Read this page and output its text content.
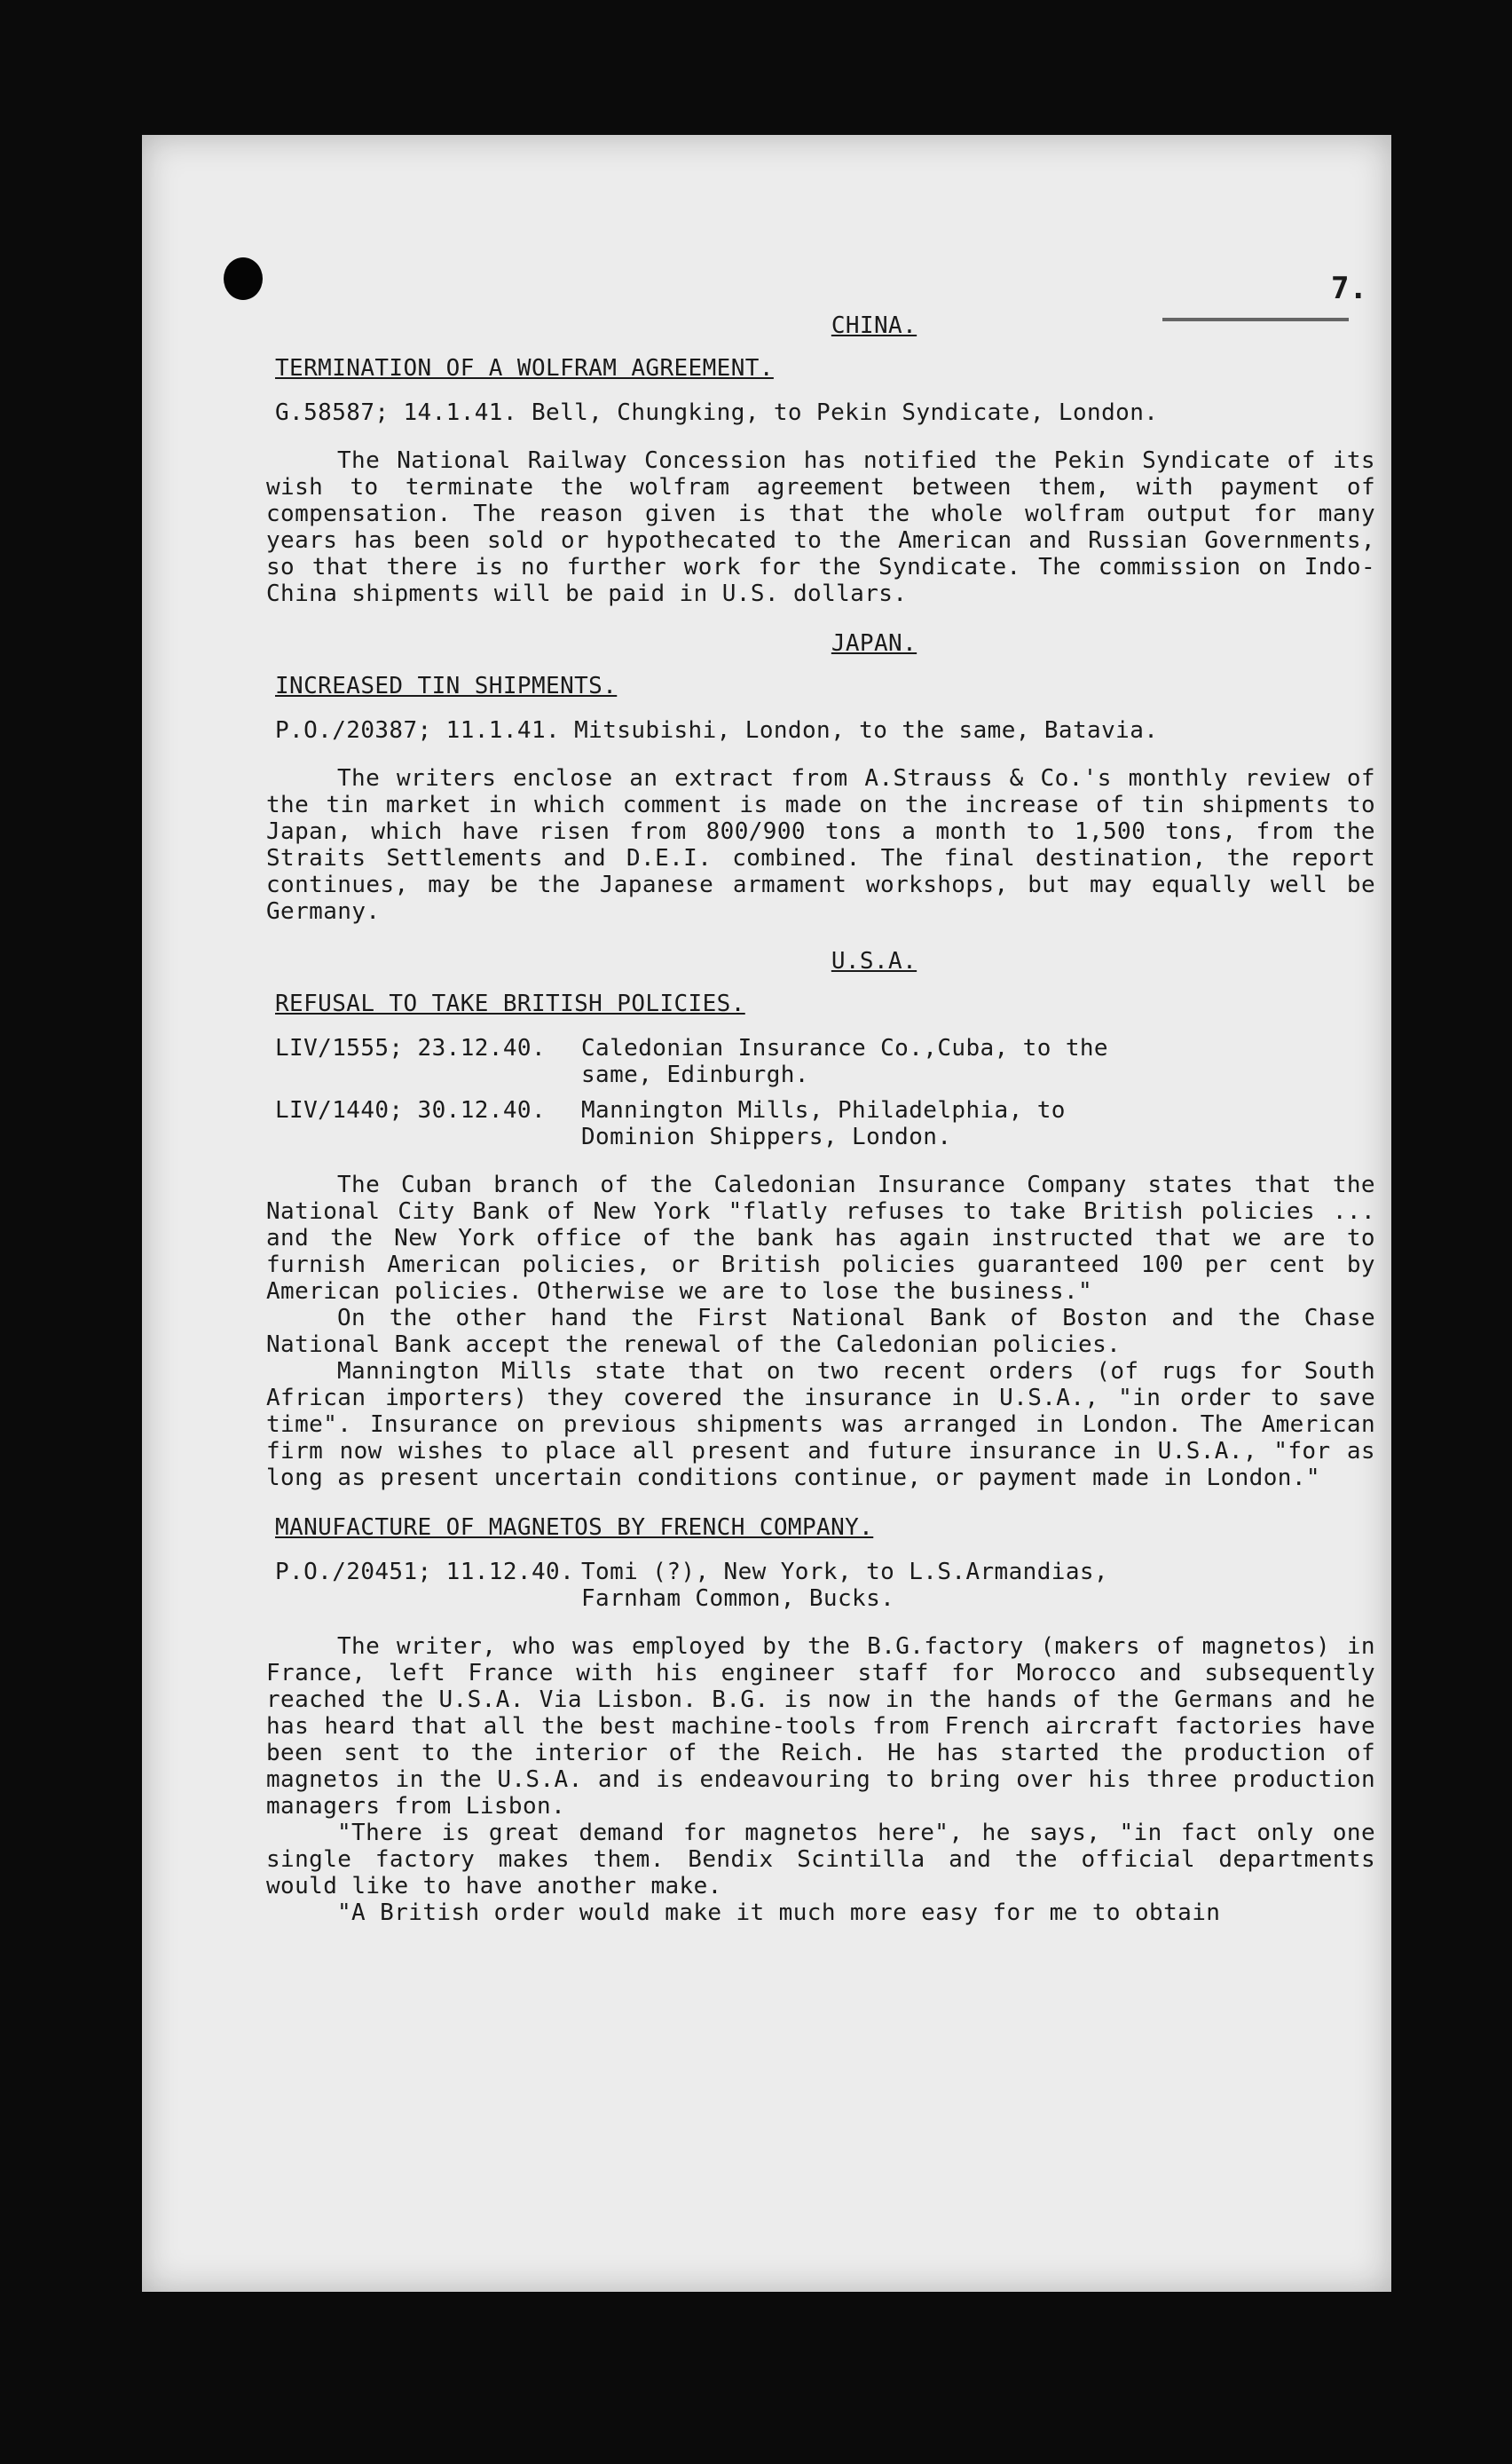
7.
CHINA.
TERMINATION OF A WOLFRAM AGREEMENT.
G.58587; 14.1.41. Bell, Chungking, to Pekin Syndicate, London.
The National Railway Concession has notified the Pekin Syndicate of its wish to terminate the wolfram agreement between them, with payment of compensation. The reason given is that the whole wolfram output for many years has been sold or hypothecated to the American and Russian Governments, so that there is no further work for the Syndicate. The commission on Indo-China shipments will be paid in U.S. dollars.
JAPAN.
INCREASED TIN SHIPMENTS.
P.O./20387; 11.1.41. Mitsubishi, London, to the same, Batavia.
The writers enclose an extract from A.Strauss & Co.'s monthly review of the tin market in which comment is made on the increase of tin shipments to Japan, which have risen from 800/900 tons a month to 1,500 tons, from the Straits Settlements and D.E.I. combined. The final destination, the report continues, may be the Japanese armament workshops, but may equally well be Germany.
U.S.A.
REFUSAL TO TAKE BRITISH POLICIES.
LIV/1555; 23.12.40.	Caledonian Insurance Co.,Cuba, to the same, Edinburgh.
LIV/1440; 30.12.40.	Mannington Mills, Philadelphia, to Dominion Shippers, London.
The Cuban branch of the Caledonian Insurance Company states that the National City Bank of New York "flatly refuses to take British policies ... and the New York office of the bank has again instructed that we are to furnish American policies, or British policies guaranteed 100 per cent by American policies. Otherwise we are to lose the business."
On the other hand the First National Bank of Boston and the Chase National Bank accept the renewal of the Caledonian policies.
Mannington Mills state that on two recent orders (of rugs for South African importers) they covered the insurance in U.S.A., "in order to save time". Insurance on previous shipments was arranged in London. The American firm now wishes to place all present and future insurance in U.S.A., "for as long as present uncertain conditions continue, or payment made in London."
MANUFACTURE OF MAGNETOS BY FRENCH COMPANY.
P.O./20451; 11.12.40. Tomi (?), New York, to L.S.Armandias, Farnham Common, Bucks.
The writer, who was employed by the B.G.factory (makers of magnetos) in France, left France with his engineer staff for Morocco and subsequently reached the U.S.A. Via Lisbon. B.G. is now in the hands of the Germans and he has heard that all the best machine-tools from French aircraft factories have been sent to the interior of the Reich. He has started the production of magnetos in the U.S.A. and is endeavouring to bring over his three production managers from Lisbon.
"There is great demand for magnetos here", he says, "in fact only one single factory makes them. Bendix Scintilla and the official departments would like to have another make.
"A British order would make it much more easy for me to obtain
